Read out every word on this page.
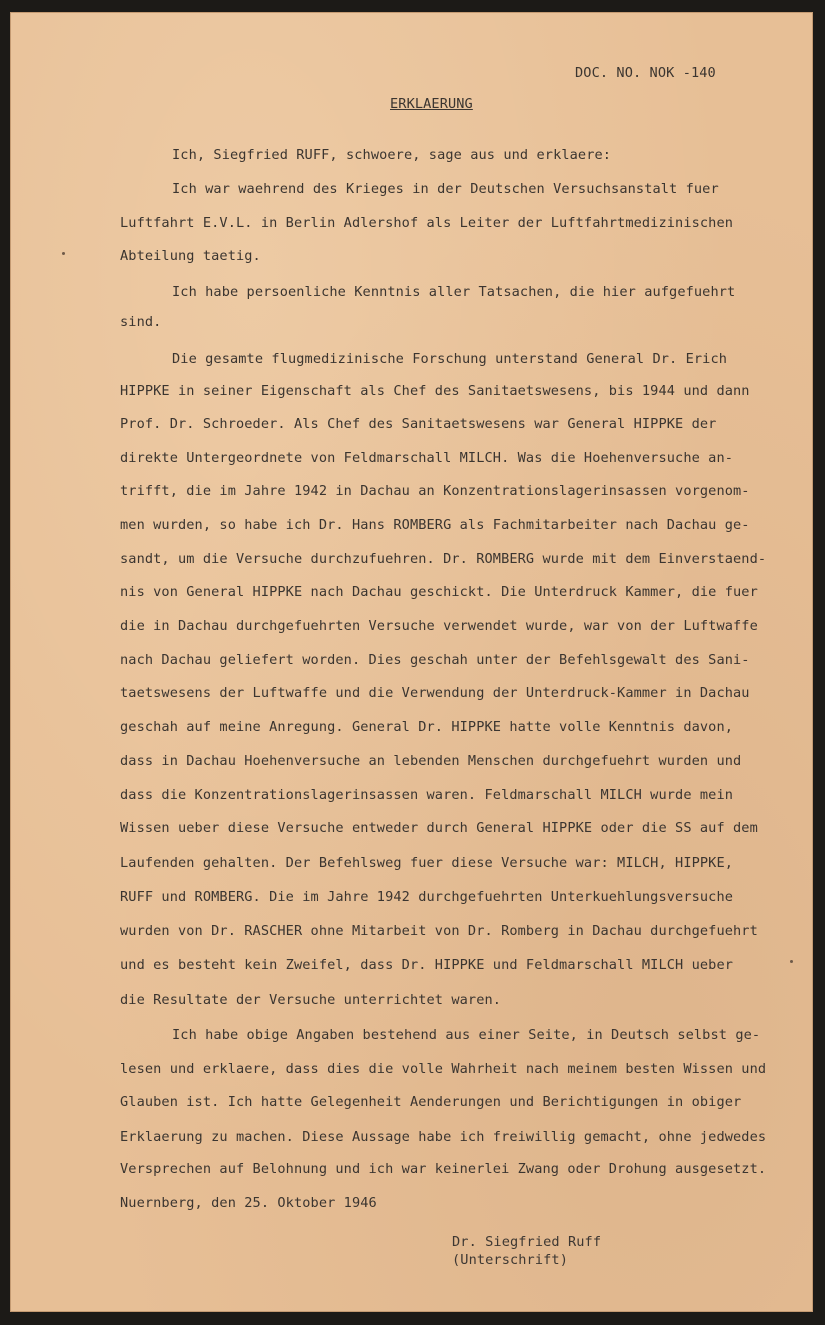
DOC. NO. NOK -140
ERKLAERUNG
Ich, Siegfried RUFF, schwoere, sage aus und erklaere:
Ich war waehrend des Krieges in der Deutschen Versuchsanstalt fuer
Luftfahrt E.V.L. in Berlin Adlershof als Leiter der Luftfahrtmedizinischen
Abteilung taetig.
Ich habe persoenliche Kenntnis aller Tatsachen, die hier aufgefuehrt
sind.
Die gesamte flugmedizinische Forschung unterstand General Dr. Erich
HIPPKE in seiner Eigenschaft als Chef des Sanitaetswesens, bis 1944 und dann
Prof. Dr. Schroeder. Als Chef des Sanitaetswesens war General HIPPKE der
direkte Untergeordnete von Feldmarschall MILCH. Was die Hoehenversuche an-
trifft, die im Jahre 1942 in Dachau an Konzentrationslagerinsassen vorgenom-
men wurden, so habe ich Dr. Hans ROMBERG als Fachmitarbeiter nach Dachau ge-
sandt, um die Versuche durchzufuehren. Dr. ROMBERG wurde mit dem Einverstaend-
nis von General HIPPKE nach Dachau geschickt. Die Unterdruck Kammer, die fuer
die in Dachau durchgefuehrten Versuche verwendet wurde, war von der Luftwaffe
nach Dachau geliefert worden. Dies geschah unter der Befehlsgewalt des Sani-
taetswesens der Luftwaffe und die Verwendung der Unterdruck-Kammer in Dachau
geschah auf meine Anregung. General Dr. HIPPKE hatte volle Kenntnis davon,
dass in Dachau Hoehenversuche an lebenden Menschen durchgefuehrt wurden und
dass die Konzentrationslagerinsassen waren. Feldmarschall MILCH wurde mein
Wissen ueber diese Versuche entweder durch General HIPPKE oder die SS auf dem
Laufenden gehalten. Der Befehlsweg fuer diese Versuche war: MILCH, HIPPKE,
RUFF und ROMBERG. Die im Jahre 1942 durchgefuehrten Unterkuehlungsversuche
wurden von Dr. RASCHER ohne Mitarbeit von Dr. Romberg in Dachau durchgefuehrt
und es besteht kein Zweifel, dass Dr. HIPPKE und Feldmarschall MILCH ueber
die Resultate der Versuche unterrichtet waren.
Ich habe obige Angaben bestehend aus einer Seite, in Deutsch selbst ge-
lesen und erklaere, dass dies die volle Wahrheit nach meinem besten Wissen und
Glauben ist. Ich hatte Gelegenheit Aenderungen und Berichtigungen in obiger
Erklaerung zu machen. Diese Aussage habe ich freiwillig gemacht, ohne jedwedes
Versprechen auf Belohnung und ich war keinerlei Zwang oder Drohung ausgesetzt.
Nuernberg, den 25. Oktober 1946
Dr. Siegfried Ruff
(Unterschrift)
